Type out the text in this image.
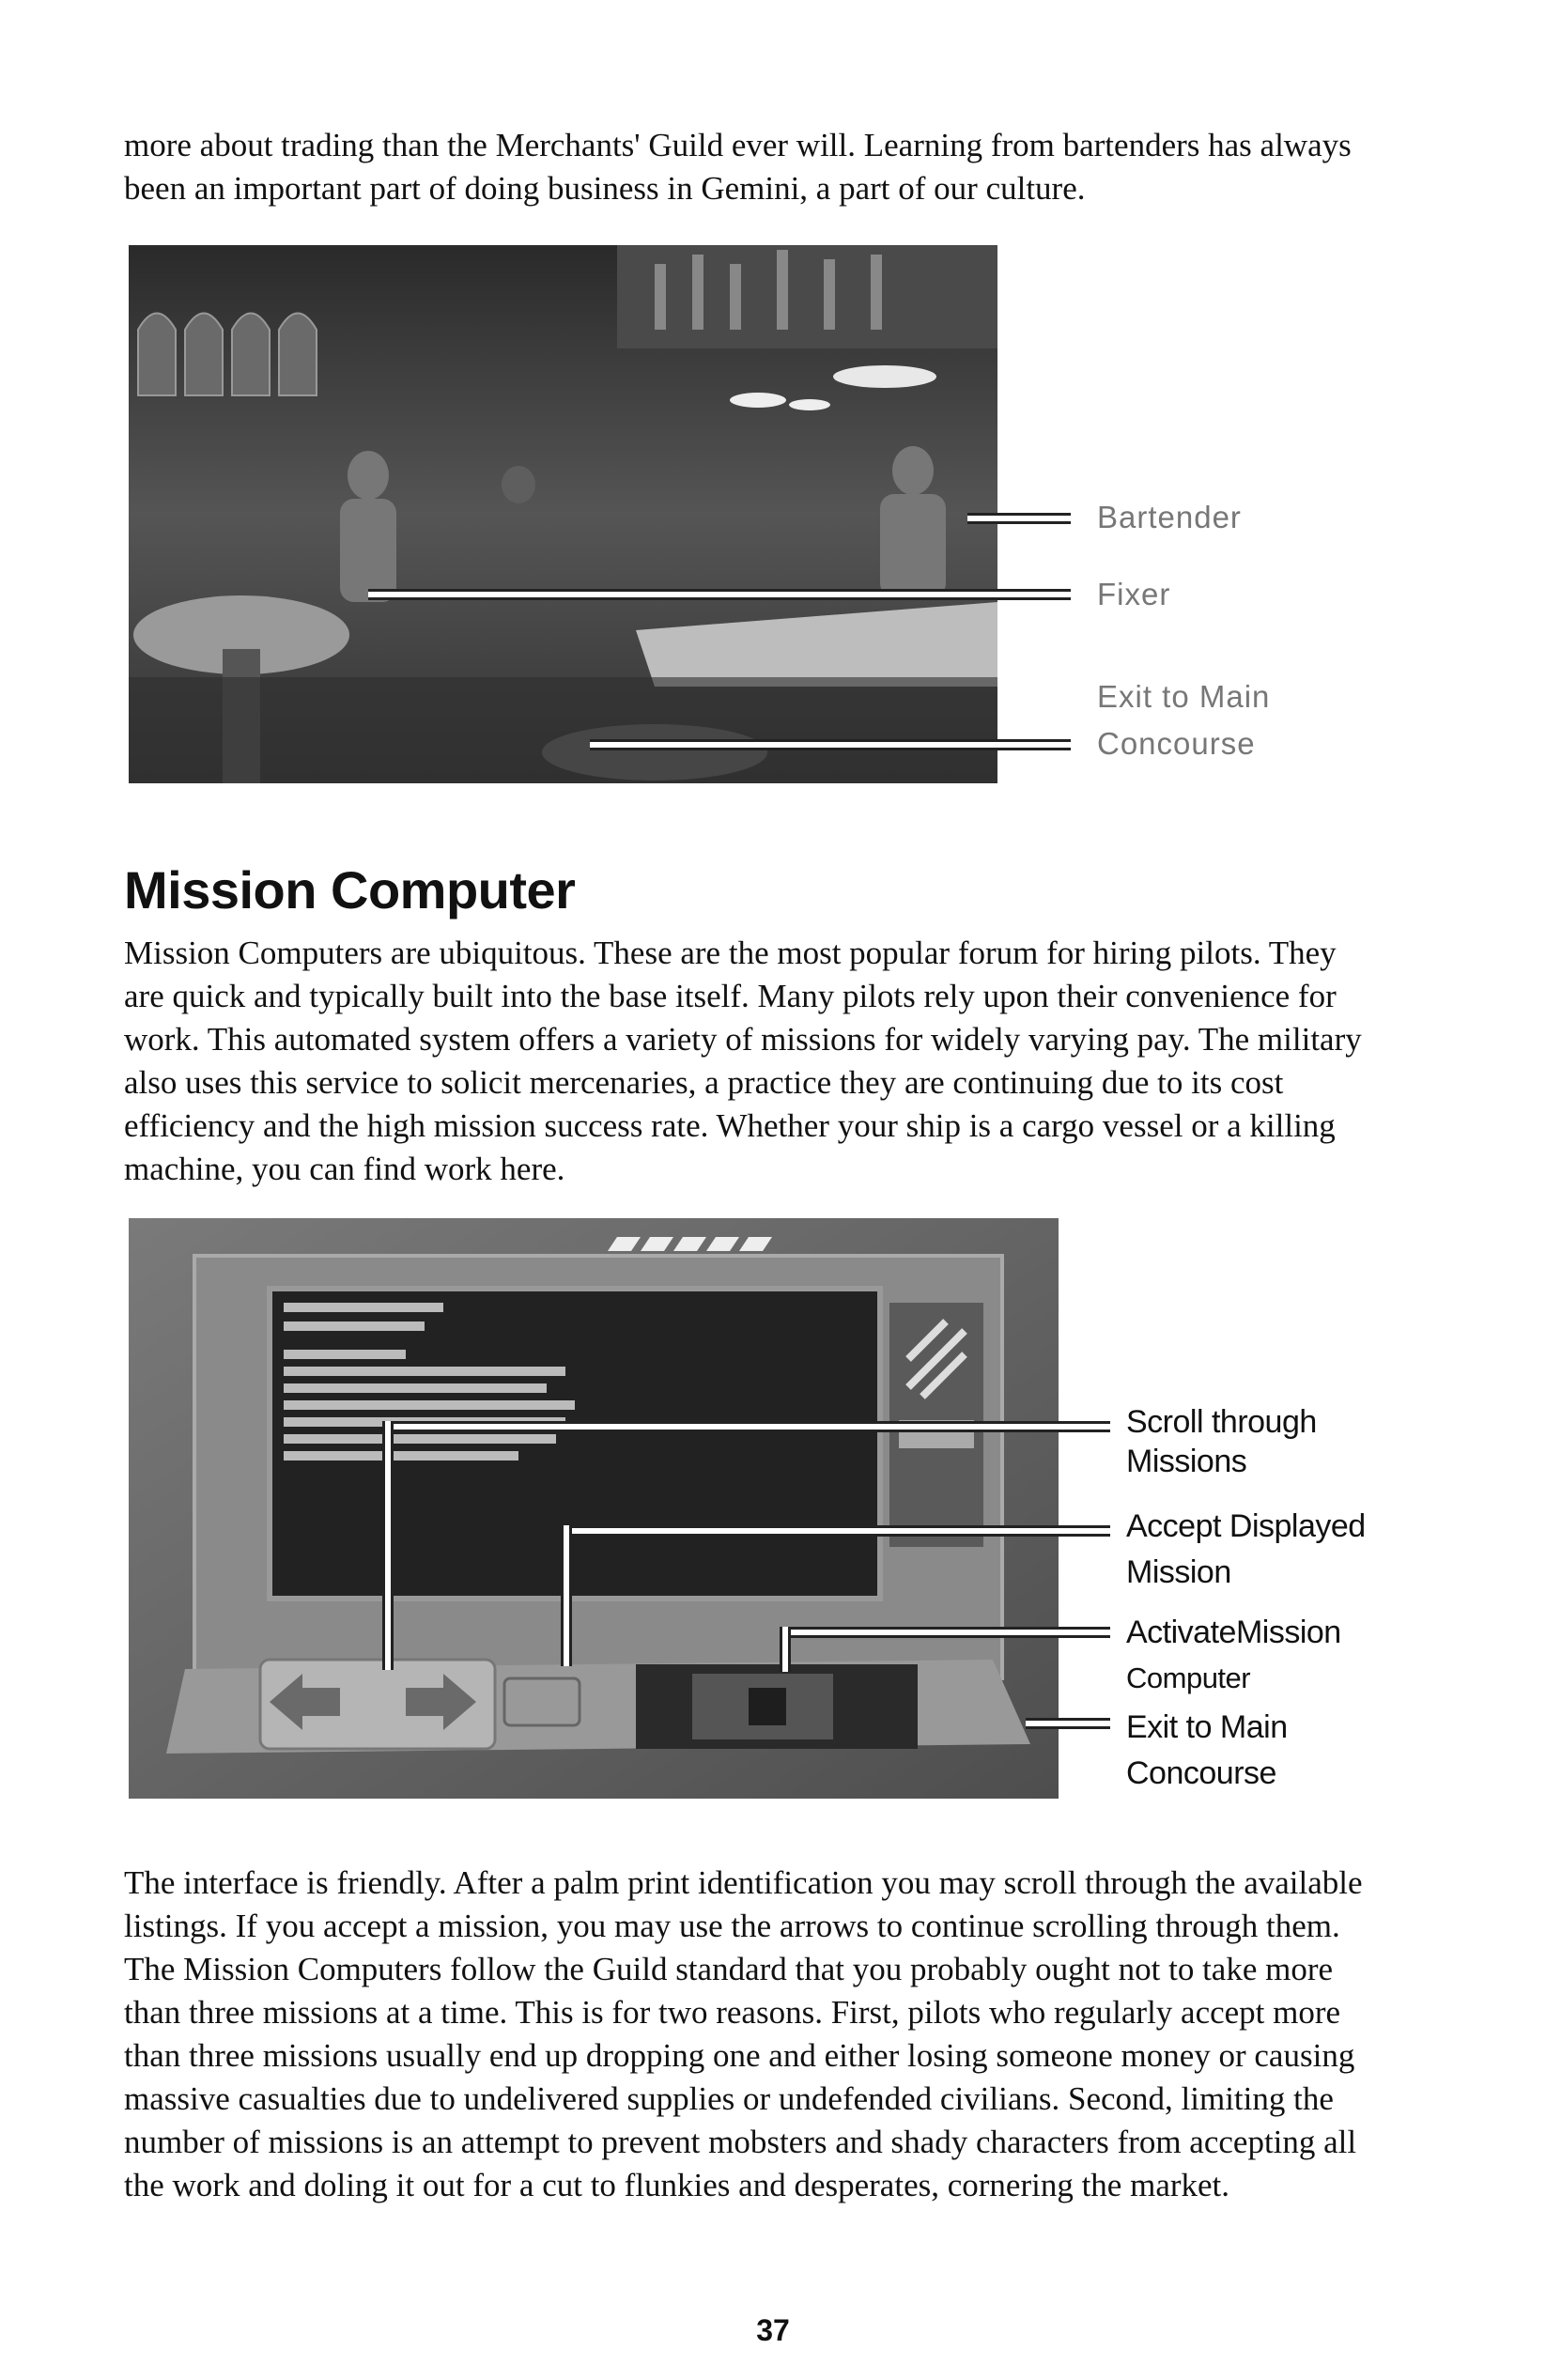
more about trading than the Merchants' Guild ever will. Learning from bartenders has always been an important part of doing business in Gemini, a part of our culture.

Bartender
Fixer
Exit to Main
Concourse
Mission Computer

Mission Computers are ubiquitous. These are the most popular forum for hiring pilots. They are quick and typically built into the base itself. Many pilots rely upon their convenience for work. This automated system offers a variety of missions for widely varying pay. The military also uses this service to solicit mercenaries, a practice they are continuing due to its cost efficiency and the high mission success rate. Whether your ship is a cargo vessel or a killing machine, you can find work here.

Scroll through
Missions
Accept Displayed
Mission
ActivateMission
Computer
Exit to Main
Concourse

The interface is friendly. After a palm print identification you may scroll through the available listings. If you accept a mission, you may use the arrows to continue scrolling through them. The Mission Computers follow the Guild standard that you probably ought not to take more than three missions at a time. This is for two reasons. First, pilots who regularly accept more than three missions usually end up dropping one and either losing someone money or causing massive casualties due to undelivered supplies or undefended civilians. Second, limiting the number of missions is an attempt to prevent mobsters and shady characters from accepting all the work and doling it out for a cut to flunkies and desperates, cornering the market.

37
